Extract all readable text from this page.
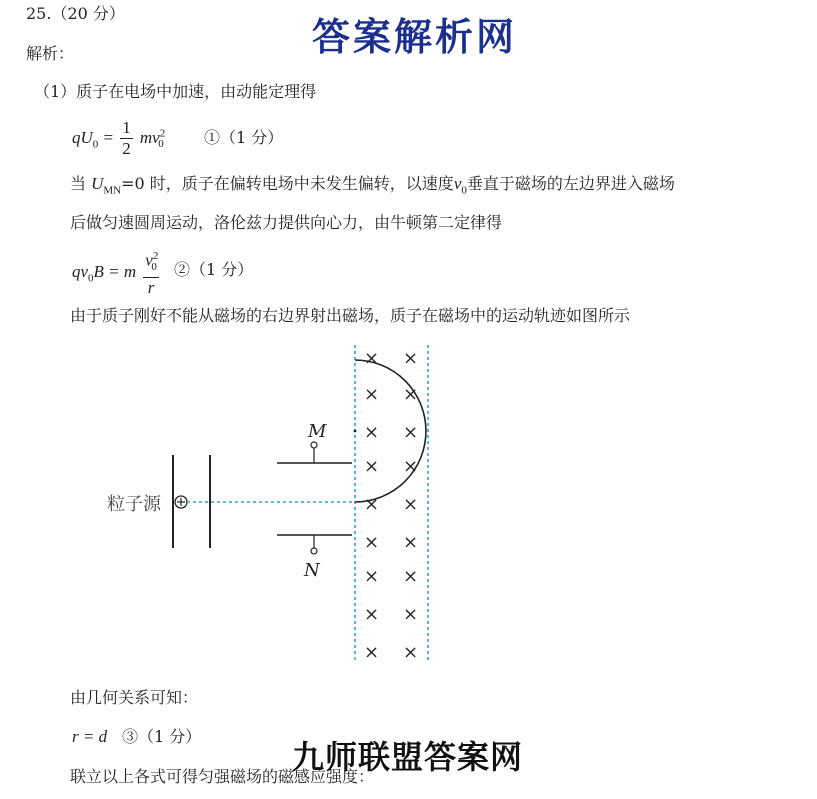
答案解析网
25.（20 分）
解析：
（1）质子在电场中加速，由动能定理得
$qU_0 = \frac{1}{2} mv^2_0$	①（1 分）
当 $U_{MN}=0$ 时，质子在偏转电场中未发生偏转，以速度$v_0$垂直于磁场的左边界进入磁场
后做匀速圆周运动，洛伦兹力提供向心力，由牛顿第二定律得
$qv_0B = m \frac{v^2_0}{r}$ ②（1 分）
由于质子刚好不能从磁场的右边界射出磁场，质子在磁场中的运动轨迹如图所示
M
N
粒子源
× ×
× ×
× ×
× ×
× ×
× ×
× ×
× ×
× ×
由几何关系可知：
r = d ③（1 分）
联立以上各式可得匀强磁场的磁感应强度：
九师联盟答案网
